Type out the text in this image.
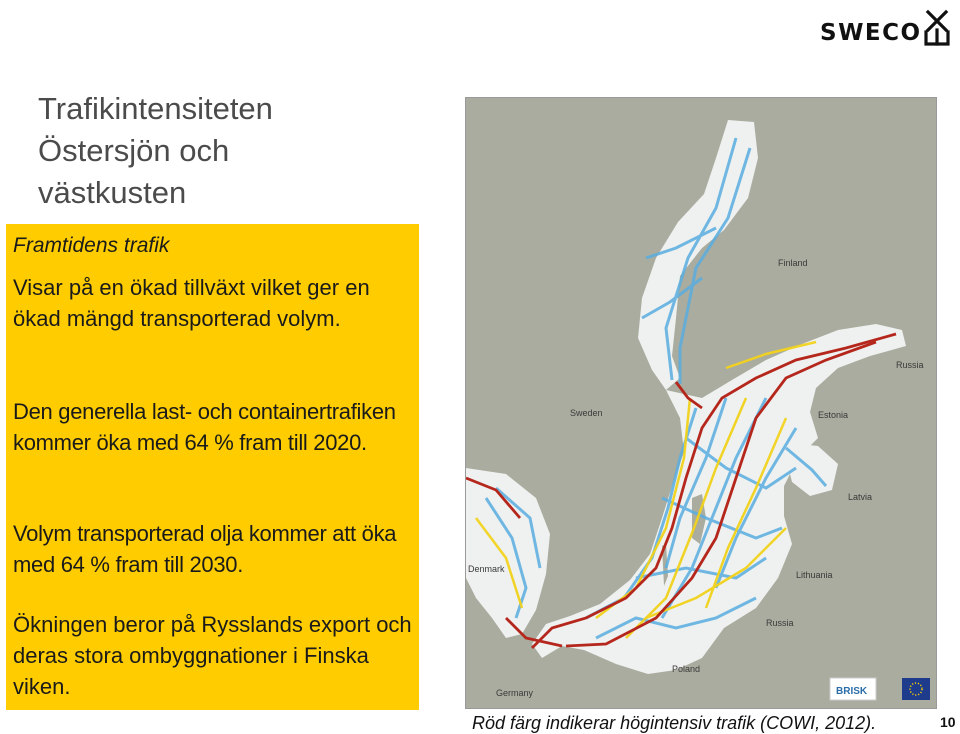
SWECO
Trafikintensiteten
Östersjön och
västkusten
Framtidens trafik

Visar på en ökad tillväxt vilket ger en ökad mängd transporterad volym.

Den generella last- och containertrafiken kommer öka med 64 % fram till 2020.

Volym transporterad olja kommer att öka med 64 % fram till 2030.

Ökningen beror på Rysslands export och deras stora ombyggnationer i Finska viken.

Finland
Russia
Sweden	Estonia
Latvia
Denmark
Lithuania
Russia
Poland
Germany	BRISK
Röd färg indikerar högintensiv trafik (COWI, 2012).	10
